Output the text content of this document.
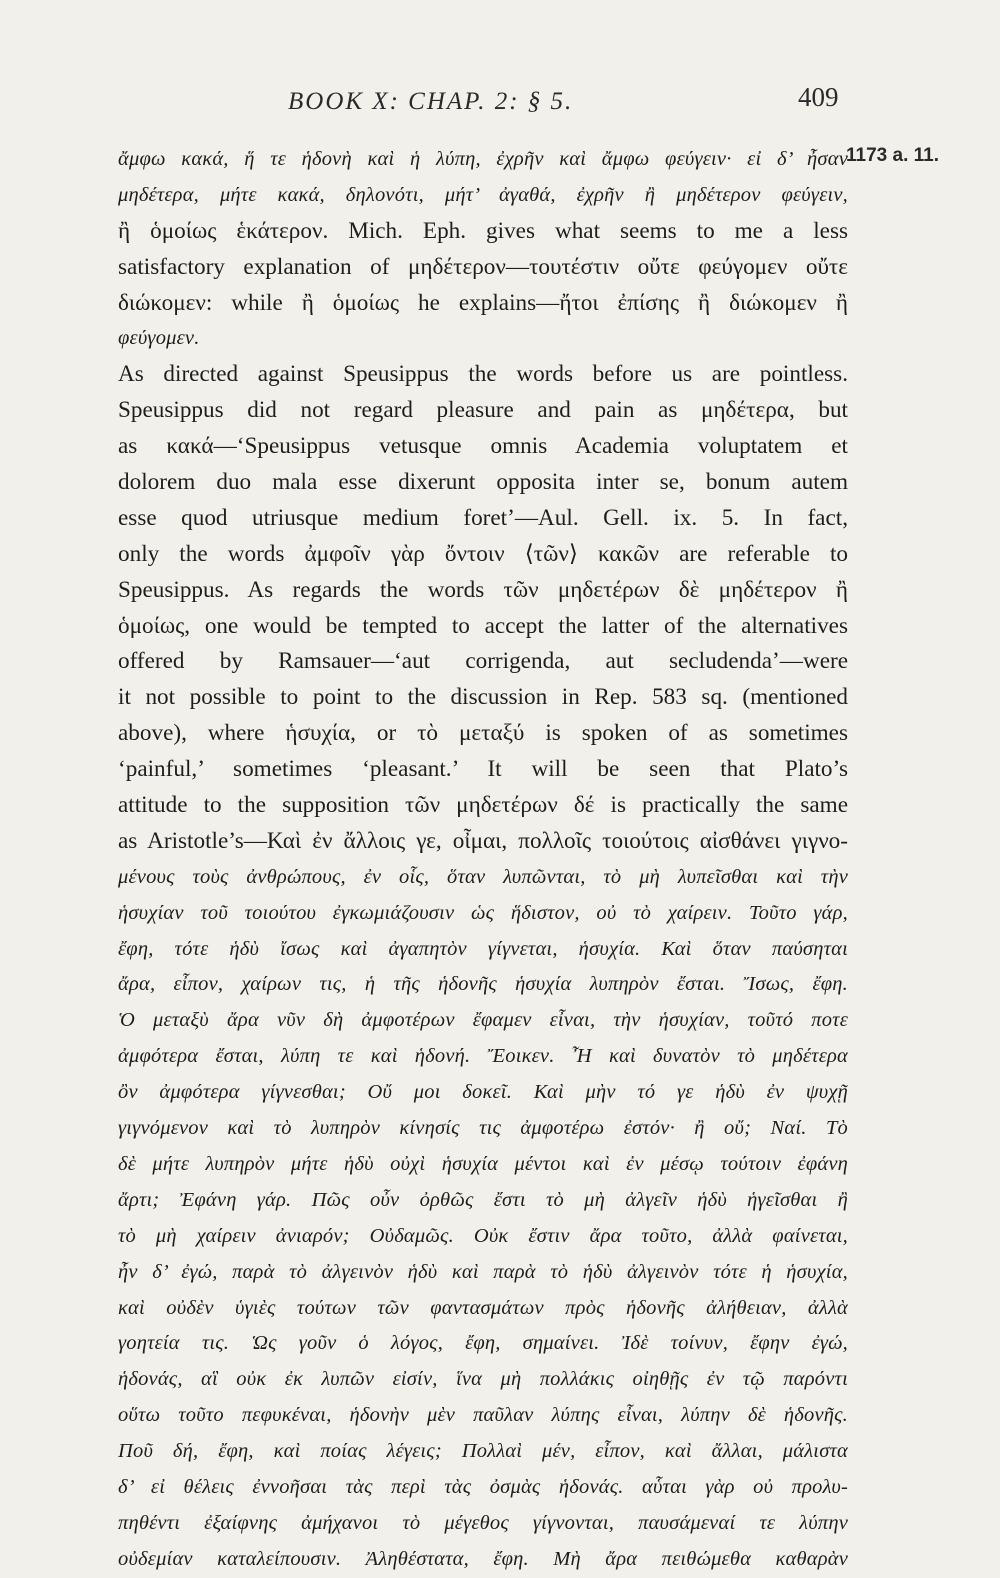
BOOK X: CHAP. 2: § 5.	409
1173 a. 11.
ἄμφω κακά, ἥ τε ἡδονὴ καὶ ἡ λύπη, ἐχρῆν καὶ ἄμφω φεύγειν· εἰ δ’ ἦσαν
μηδέτερα, μήτε κακά, δηλονότι, μήτ’ ἀγαθά, ἐχρῆν ἢ μηδέτερον φεύγειν,
ἢ ὁμοίως ἑκάτερον. Mich. Eph. gives what seems to me a less
satisfactory explanation of μηδέτερον—τουτέστιν οὔτε φεύγομεν οὔτε
διώκομεν: while ἢ ὁμοίως he explains—ἤτοι ἐπίσης ἢ διώκομεν ἢ
φεύγομεν.
As directed against Speusippus the words before us are pointless.
Speusippus did not regard pleasure and pain as μηδέτερα, but
as κακά—‘Speusippus vetusque omnis Academia voluptatem et
dolorem duo mala esse dixerunt opposita inter se, bonum autem
esse quod utriusque medium foret’—Aul. Gell. ix. 5. In fact,
only the words ἀμφοῖν γὰρ ὄντοιν ⟨τῶν⟩ κακῶν are referable to
Speusippus. As regards the words τῶν μηδετέρων δὲ μηδέτερον ἢ
ὁμοίως, one would be tempted to accept the latter of the alternatives
offered by Ramsauer—‘aut corrigenda, aut secludenda’—were
it not possible to point to the discussion in Rep. 583 sq. (mentioned
above), where ἡσυχία, or τὸ μεταξύ is spoken of as sometimes
‘painful,’ sometimes ‘pleasant.’ It will be seen that Plato’s
attitude to the supposition τῶν μηδετέρων δέ is practically the same
as Aristotle’s—Καὶ ἐν ἄλλοις γε, οἶμαι, πολλοῖς τοιούτοις αἰσθάνει γιγνο-
μένους τοὺς ἀνθρώπους, ἐν οἷς, ὅταν λυπῶνται, τὸ μὴ λυπεῖσθαι καὶ τὴν
ἡσυχίαν τοῦ τοιούτου ἐγκωμιάζουσιν ὡς ἥδιστον, οὐ τὸ χαίρειν. Τοῦτο γάρ,
ἔφη, τότε ἡδὺ ἴσως καὶ ἀγαπητὸν γίγνεται, ἡσυχία. Καὶ ὅταν παύσηται
ἄρα, εἶπον, χαίρων τις, ἡ τῆς ἡδονῆς ἡσυχία λυπηρὸν ἔσται. Ἴσως, ἔφη.
Ὁ μεταξὺ ἄρα νῦν δὴ ἀμφοτέρων ἔφαμεν εἶναι, τὴν ἡσυχίαν, τοῦτό ποτε
ἀμφότερα ἔσται, λύπη τε καὶ ἡδονή. Ἔοικεν. Ἦ καὶ δυνατὸν τὸ μηδέτερα
ὂν ἀμφότερα γίγνεσθαι; Οὔ μοι δοκεῖ. Καὶ μὴν τό γε ἡδὺ ἐν ψυχῇ
γιγνόμενον καὶ τὸ λυπηρὸν κίνησίς τις ἀμφοτέρω ἐστόν· ἢ οὔ; Ναί. Τὸ
δὲ μήτε λυπηρὸν μήτε ἡδὺ οὐχὶ ἡσυχία μέντοι καὶ ἐν μέσῳ τούτοιν ἐφάνη
ἄρτι; Ἐφάνη γάρ. Πῶς οὖν ὀρθῶς ἔστι τὸ μὴ ἀλγεῖν ἡδὺ ἡγεῖσθαι ἢ
τὸ μὴ χαίρειν ἀνιαρόν; Οὐδαμῶς. Οὐκ ἔστιν ἄρα τοῦτο, ἀλλὰ φαίνεται,
ἦν δ’ ἐγώ, παρὰ τὸ ἀλγεινὸν ἡδὺ καὶ παρὰ τὸ ἡδὺ ἀλγεινὸν τότε ἡ ἡσυχία,
καὶ οὐδὲν ὑγιὲς τούτων τῶν φαντασμάτων πρὸς ἡδονῆς ἀλήθειαν, ἀλλὰ
γοητεία τις. Ὡς γοῦν ὁ λόγος, ἔφη, σημαίνει. Ἰδὲ τοίνυν, ἔφην ἐγώ,
ἡδονάς, αἳ οὐκ ἐκ λυπῶν εἰσίν, ἵνα μὴ πολλάκις οἰηθῇς ἐν τῷ παρόντι
οὕτω τοῦτο πεφυκέναι, ἡδονὴν μὲν παῦλαν λύπης εἶναι, λύπην δὲ ἡδονῆς.
Ποῦ δή, ἔφη, καὶ ποίας λέγεις; Πολλαὶ μέν, εἶπον, καὶ ἄλλαι, μάλιστα
δ’ εἰ θέλεις ἐννοῆσαι τὰς περὶ τὰς ὀσμὰς ἡδονάς. αὗται γὰρ οὐ προλυ-
πηθέντι ἐξαίφνης ἀμήχανοι τὸ μέγεθος γίγνονται, παυσάμεναί τε λύπην
οὐδεμίαν καταλείπουσιν. Ἀληθέστατα, ἔφη. Μὴ ἄρα πειθώμεθα καθαρὰν
